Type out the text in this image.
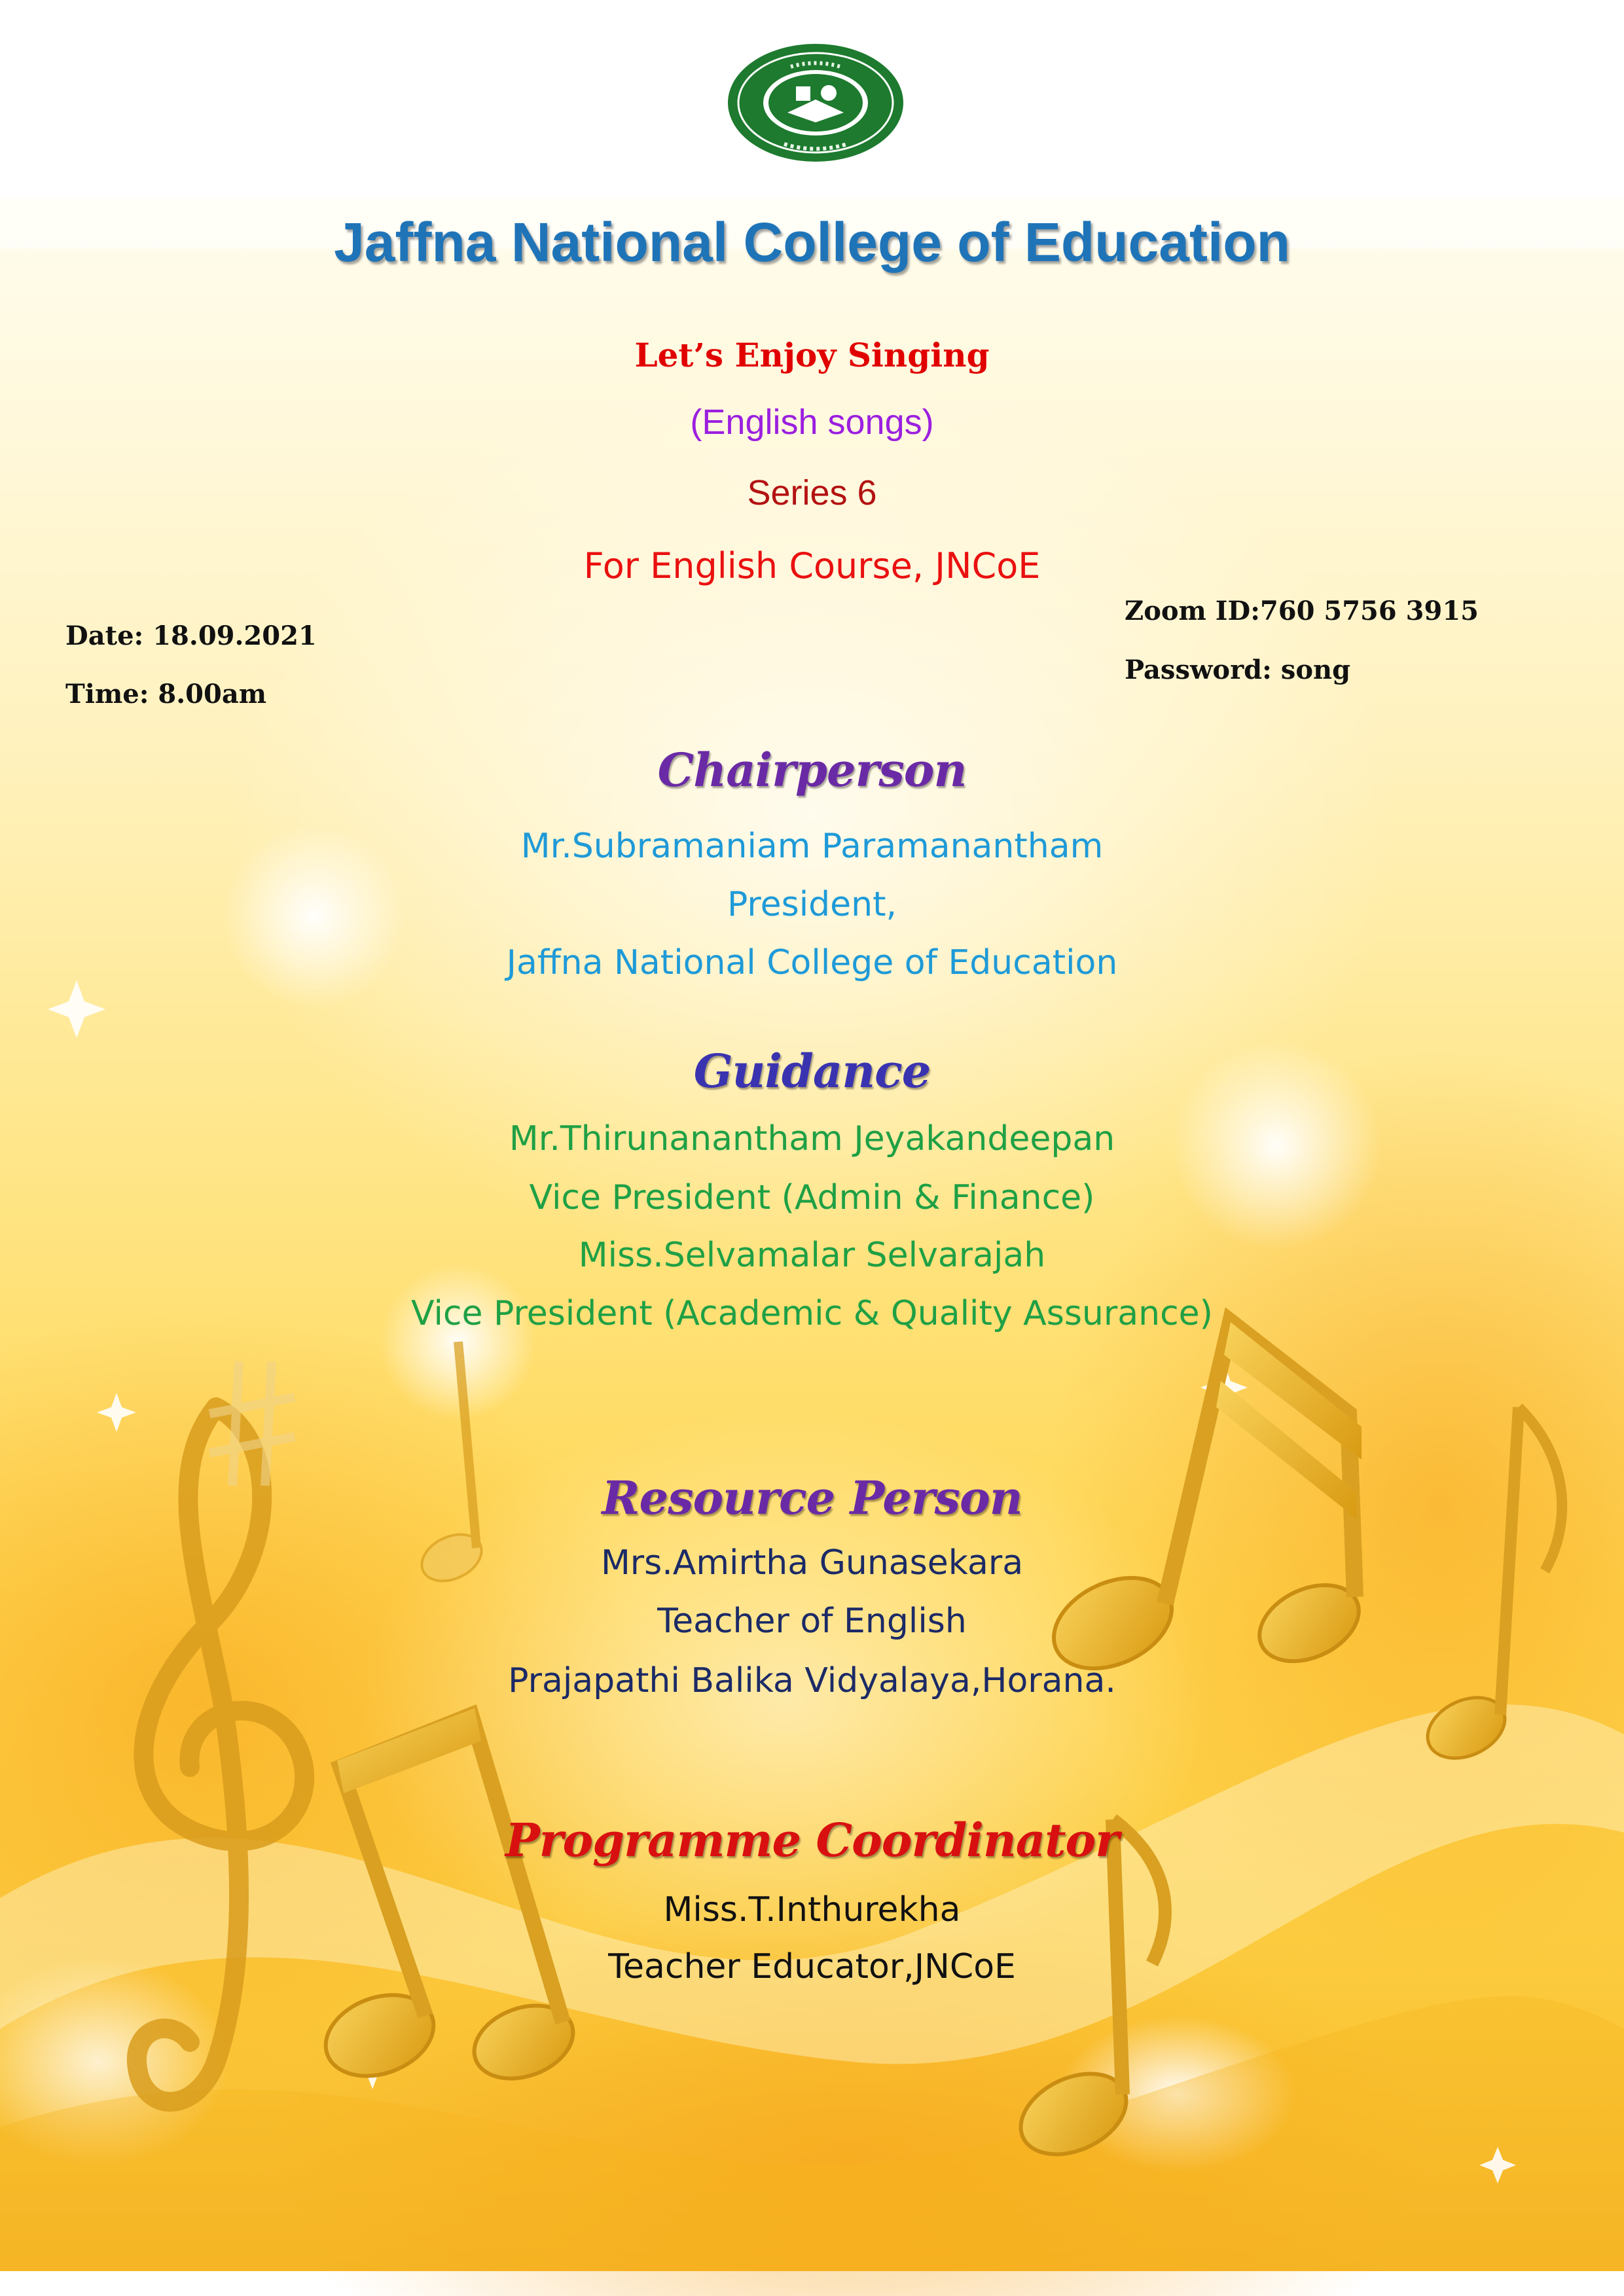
Jaffna National College of Education

Let’s Enjoy Singing

(English songs)

Series 6

For English Course, JNCoE

Date: 18.09.2021

Time: 8.00am

Zoom ID:760 5756 3915

Password: song

Chairperson

Mr.Subramaniam Paramanantham

President,

Jaffna National College of Education

Guidance

Mr.Thirunanantham Jeyakandeepan

Vice President (Admin & Finance)

Miss.Selvamalar Selvarajah

Vice President (Academic & Quality Assurance)

Resource Person

Mrs.Amirtha Gunasekara

Teacher of English

Prajapathi Balika Vidyalaya,Horana.

Programme Coordinator

Miss.T.Inthurekha

Teacher Educator,JNCoE
